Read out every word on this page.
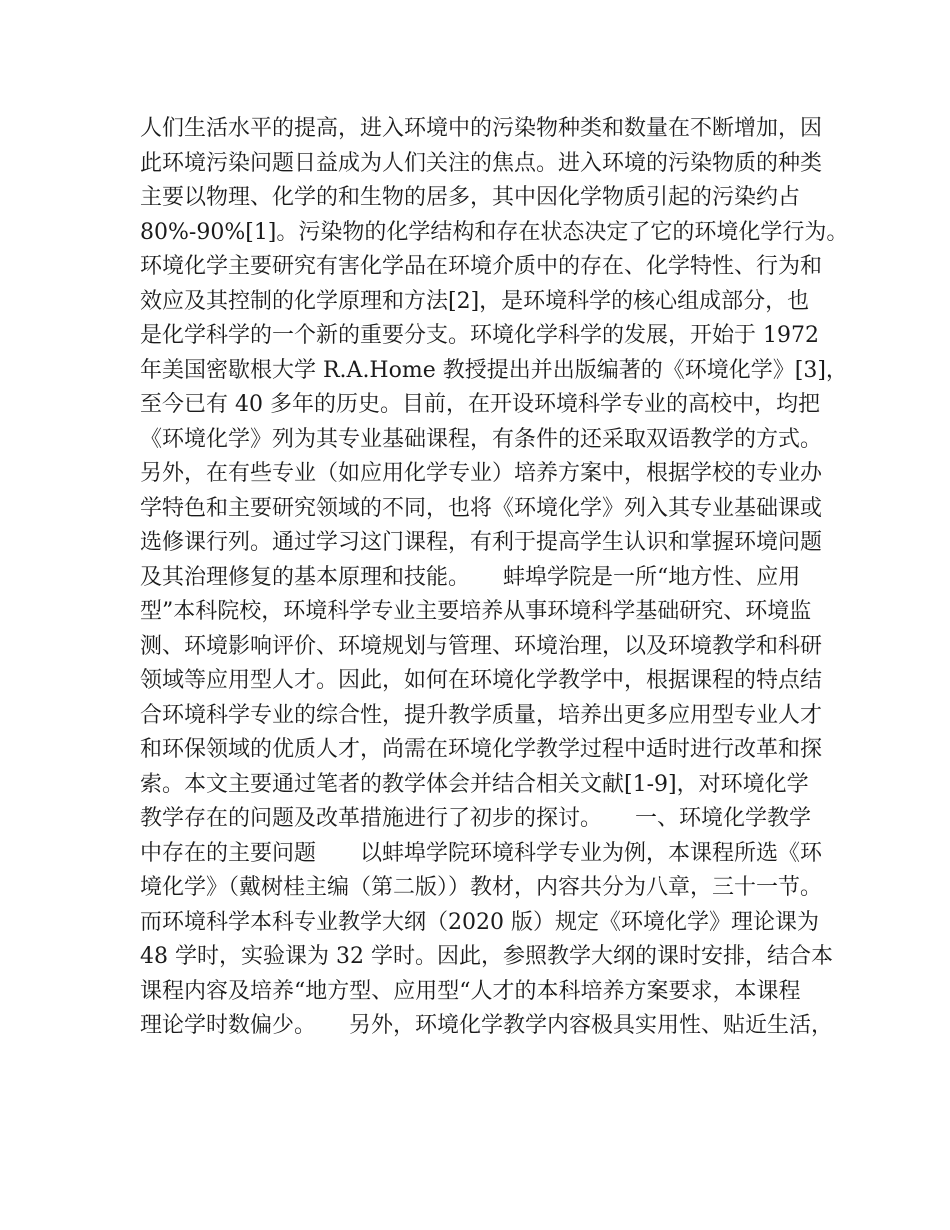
人们生活水平的提高，进入环境中的污染物种类和数量在不断增加，因
此环境污染问题日益成为人们关注的焦点。进入环境的污染物质的种类
主要以物理、化学的和生物的居多，其中因化学物质引起的污染约占
80%-90%[1]。污染物的化学结构和存在状态决定了它的环境化学行为。
环境化学主要研究有害化学品在环境介质中的存在、化学特性、行为和
效应及其控制的化学原理和方法[2]，是环境科学的核心组成部分，也
是化学科学的一个新的重要分支。环境化学科学的发展，开始于 1972
年美国密歇根大学 R.A.Home 教授提出并出版编著的《环境化学》[3]，
至今已有 40 多年的历史。目前，在开设环境科学专业的高校中，均把
《环境化学》列为其专业基础课程，有条件的还采取双语教学的方式。
另外，在有些专业（如应用化学专业）培养方案中，根据学校的专业办
学特色和主要研究领域的不同，也将《环境化学》列入其专业基础课或
选修课行列。通过学习这门课程，有利于提高学生认识和掌握环境问题
及其治理修复的基本原理和技能。　　蚌埠学院是一所“地方性、应用
型”本科院校，环境科学专业主要培养从事环境科学基础研究、环境监
测、环境影响评价、环境规划与管理、环境治理，以及环境教学和科研
领域等应用型人才。因此，如何在环境化学教学中，根据课程的特点结
合环境科学专业的综合性，提升教学质量，培养出更多应用型专业人才
和环保领域的优质人才，尚需在环境化学教学过程中适时进行改革和探
索。本文主要通过笔者的教学体会并结合相关文献[1-9]，对环境化学
教学存在的问题及改革措施进行了初步的探讨。　　一、环境化学教学
中存在的主要问题　　以蚌埠学院环境科学专业为例，本课程所选《环
境化学》（戴树桂主编（第二版））教材，内容共分为八章，三十一节。
而环境科学本科专业教学大纲（2020 版）规定《环境化学》理论课为
48 学时，实验课为 32 学时。因此，参照教学大纲的课时安排，结合本
课程内容及培养“地方型、应用型“人才的本科培养方案要求，本课程
理论学时数偏少。　　另外，环境化学教学内容极具实用性、贴近生活，
